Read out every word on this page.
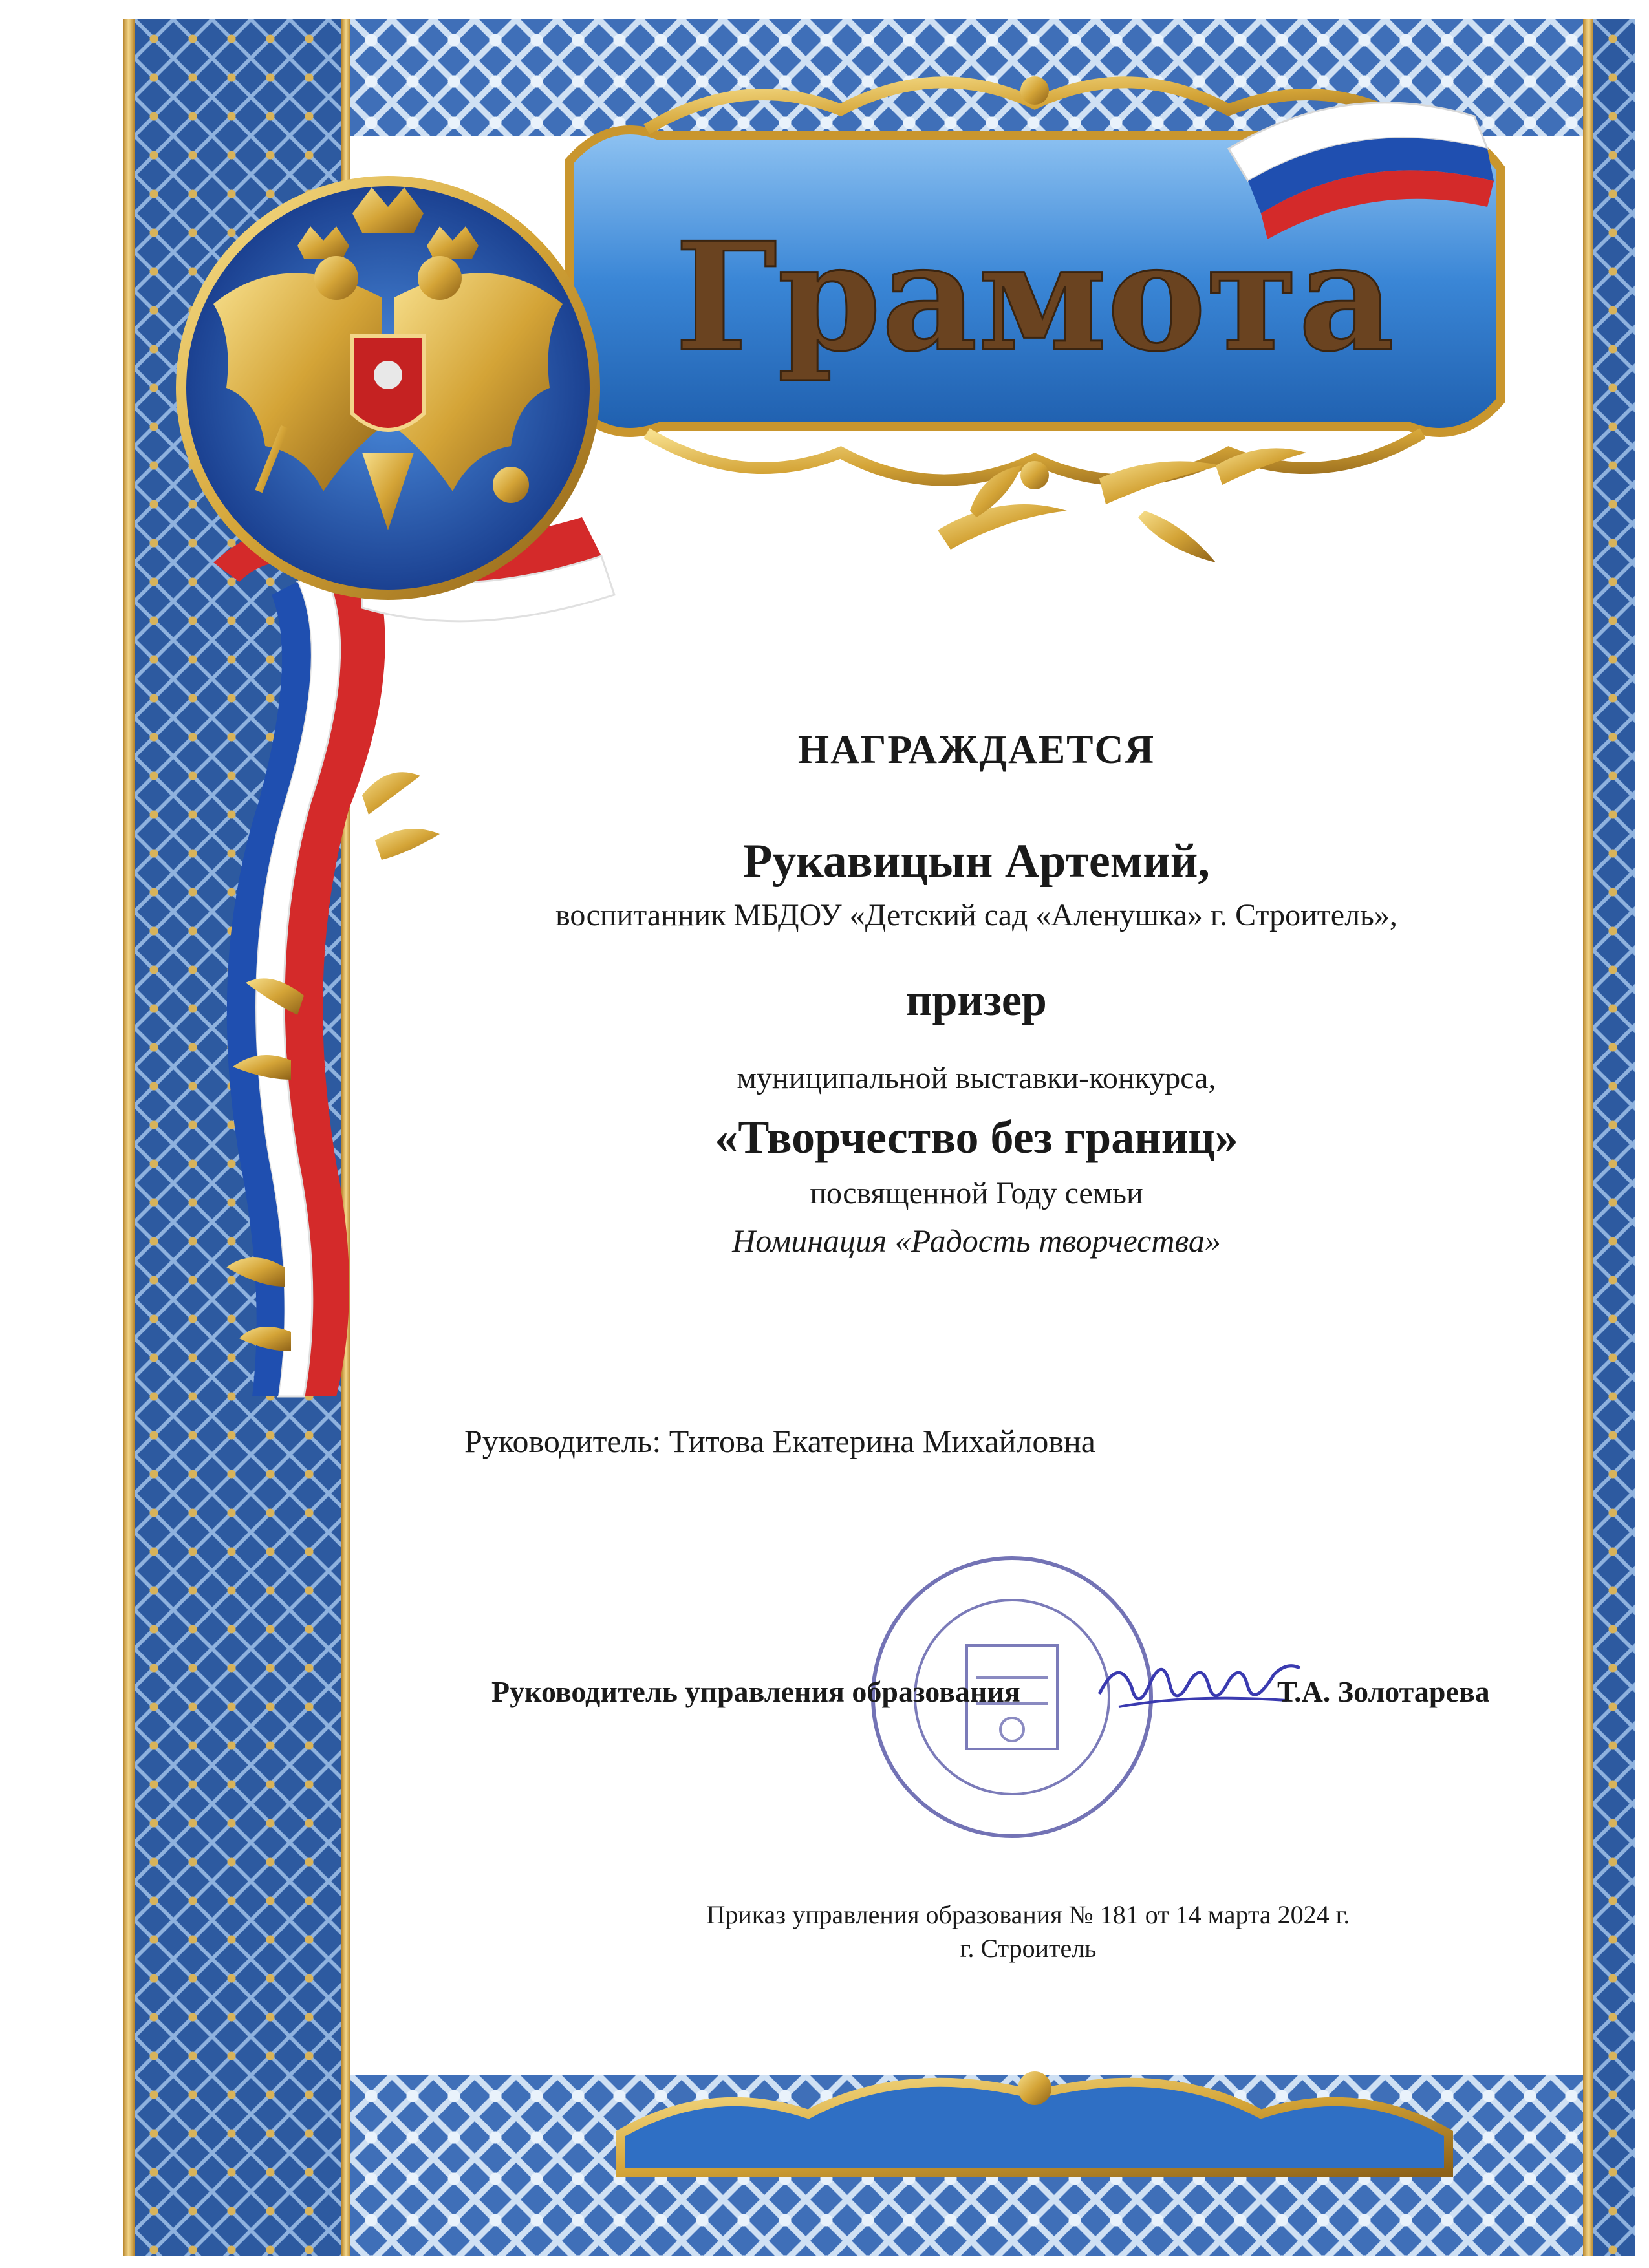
Грамота
НАГРАЖДАЕТСЯ
Рукавицын Артемий,
воспитанник МБДОУ «Детский сад «Аленушка» г. Строитель»,
призер
муниципальной выставки-конкурса,
«Творчество без границ»
посвященной Году семьи
Номинация «Радость творчества»
Руководитель: Титова Екатерина Михайловна
Руководитель управления образования	Т.А. Золотарева
Приказ управления образования № 181 от 14 марта 2024 г.
г. Строитель
